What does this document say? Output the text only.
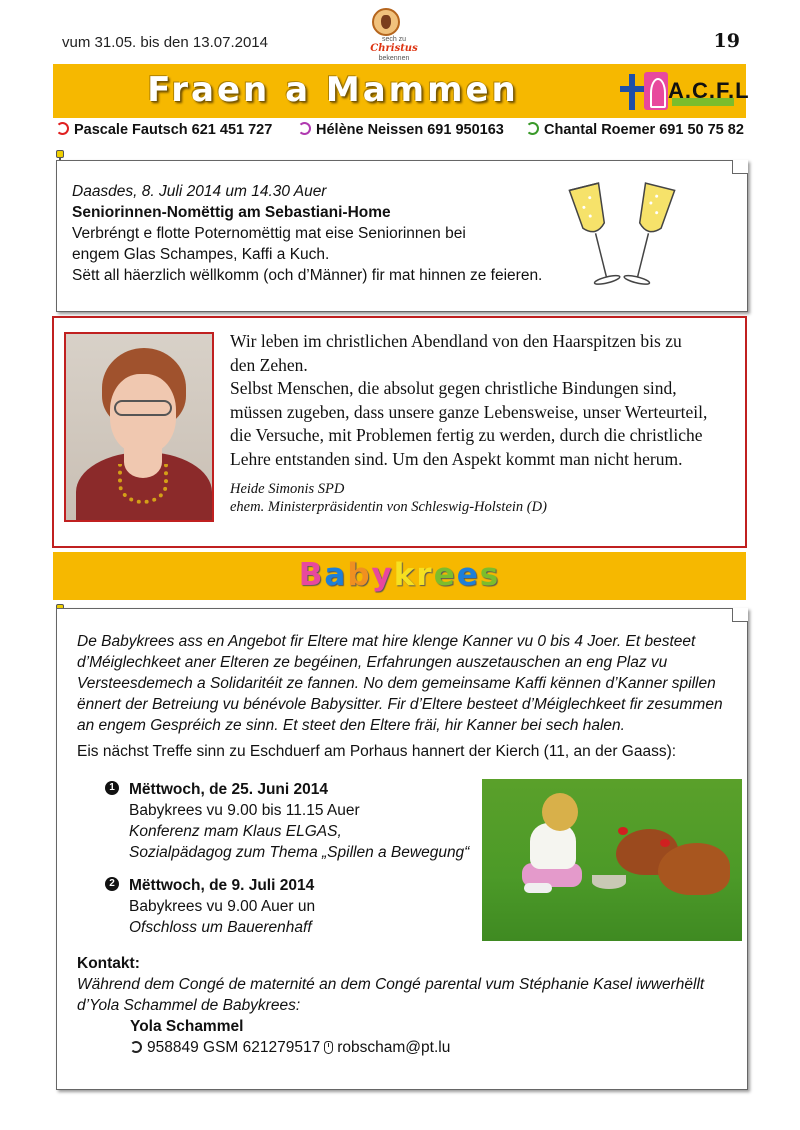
vum 31.05. bis den 13.07.2014	sech zu
Christus
bekennen
19
Fraen a Mammen	A.C.F.L
Pascale Fautsch 621 451 727	Hélène Neissen 691 950163	Chantal Roemer 691 50 75 82
Daasdes, 8. Juli 2014 um 14.30 Auer
Seniorinnen-Nomëttig am Sebastiani-Home
Verbréngt e flotte Poternomëttig mat eise Seniorinnen bei
engem Glas Schampes, Kaffi a Kuch.
Sëtt all häerzlich wëllkomm (och d’Männer) fir mat hinnen ze feieren.
Wir leben im christlichen Abendland von den Haarspitzen bis zu
den Zehen.
Selbst Menschen, die absolut gegen christliche Bindungen sind,
müssen zugeben, dass unsere ganze Lebensweise, unser Werteurteil,
die Versuche, mit Problemen fertig zu werden, durch die christliche
Lehre entstanden sind. Um den Aspekt kommt man nicht herum.
Heide Simonis SPD
ehem. Ministerpräsidentin von Schleswig-Holstein (D)
Babykrees
De Babykrees ass en Angebot fir Eltere mat hire klenge Kanner vu 0 bis 4 Joer. Et besteet
d’Méiglechkeet aner Elteren ze begéinen, Erfahrungen auszetauschen an eng Plaz vu
Versteesdemech a Solidaritéit ze fannen. No dem gemeinsame Kaffi kënnen d’Kanner spillen
ënnert der Betreiung vu bénévole Babysitter. Fir d’Eltere besteet d’Méiglechkeet fir zesummen
an engem Gespréich ze sinn. Et steet den Eltere fräi, hir Kanner bei sech halen.
Eis nächst Treffe sinn zu Eschduerf am Porhaus hannert der Kierch (11, an der Gaass):
1 Mëttwoch, de 25. Juni 2014
Babykrees vu 9.00 bis 11.15 Auer
Konferenz mam Klaus ELGAS,
Sozialpädagog zum Thema „Spillen a Bewegung“
2 Mëttwoch, de 9. Juli 2014
Babykrees vu 9.00 Auer un
Ofschloss um Bauerenhaff
Kontakt:
Während dem Congé de maternité an dem Congé parental vum Stéphanie Kasel iwwerhëllt
d’Yola Schammel de Babykrees:
Yola Schammel
958849 GSM 621279517 robscham@pt.lu
